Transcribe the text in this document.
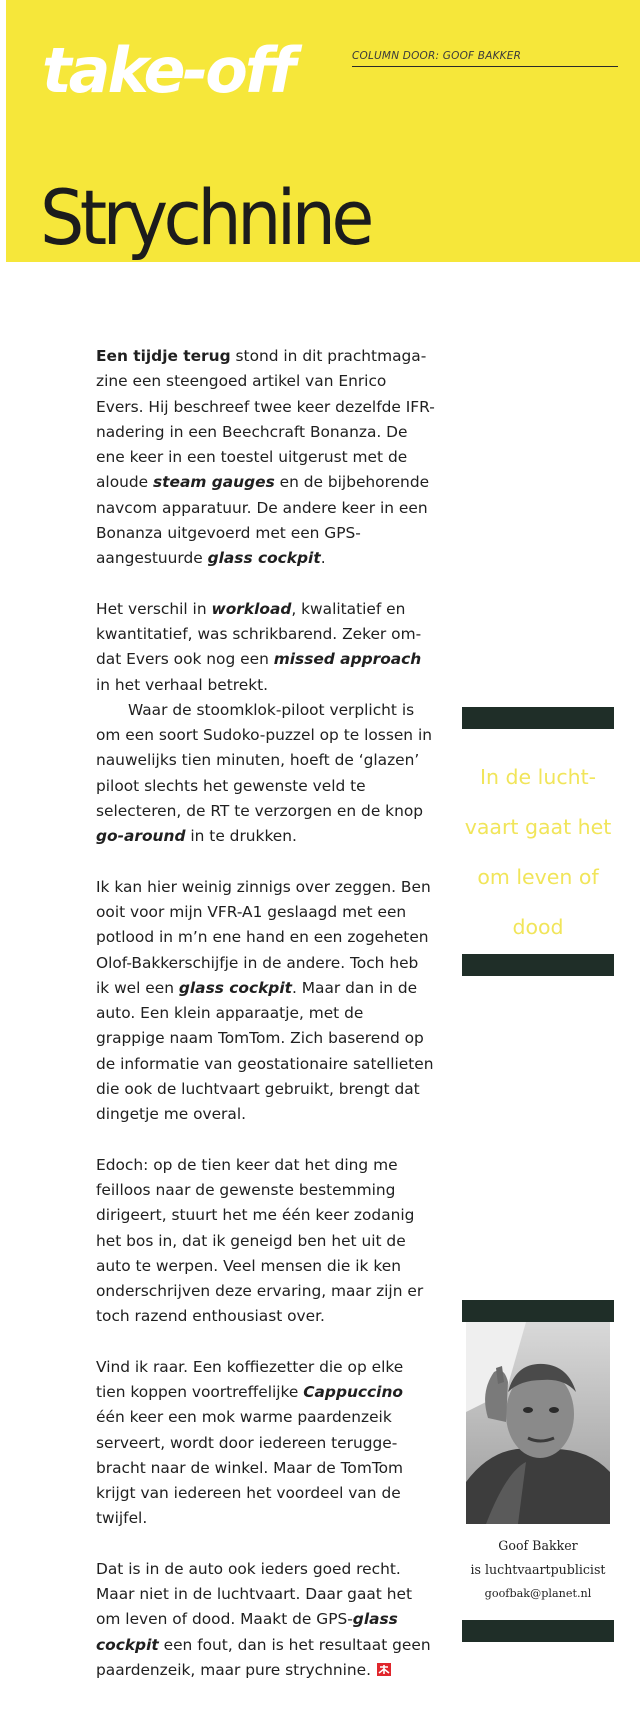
take-off	COLUMN DOOR: GOOF BAKKER
Strychnine

Een tijdje terug stond in dit prachtmagazine een steengoed artikel van Enrico Evers. Hij beschreef twee keer dezelfde IFR-nadering in een Beechcraft Bonanza. De ene keer in een toestel uitgerust met de aloude steam gauges en de bijbehorende navcom apparatuur. De andere keer in een Bonanza uitgevoerd met een GPS-aangestuurde glass cockpit.

Het verschil in workload, kwalitatief en kwantitatief, was schrikbarend. Zeker omdat Evers ook nog een missed approach in het verhaal betrekt.

Waar de stoomklok-piloot verplicht is om een soort Sudoko-puzzel op te lossen in nauwelijks tien minuten, hoeft de ‘glazen’ piloot slechts het gewenste veld te selecteren, de RT te verzorgen en de knop go-around in te drukken.

Ik kan hier weinig zinnigs over zeggen. Ben ooit voor mijn VFR-A1 geslaagd met een potlood in m’n ene hand en een zogeheten Olof-Bakkerschijfje in de andere. Toch heb ik wel een glass cockpit. Maar dan in de auto. Een klein apparaatje, met de grappige naam TomTom. Zich baserend op de informatie van geostationaire satellieten die ook de luchtvaart gebruikt, brengt dat dingetje me overal.

Edoch: op de tien keer dat het ding me feilloos naar de gewenste bestemming dirigeert, stuurt het me één keer zodanig het bos in, dat ik geneigd ben het uit de auto te werpen. Veel mensen die ik ken onderschrijven deze ervaring, maar zijn er toch razend enthousiast over.

Vind ik raar. Een koffiezetter die op elke tien koppen voortreffelijke Cappuccino één keer een mok warme paardenzeik serveert, wordt door iedereen teruggebracht naar de winkel. Maar de TomTom krijgt van iedereen het voordeel van de twijfel.

Dat is in de auto ook ieders goed recht. Maar niet in de luchtvaart. Daar gaat het om leven of dood. Maakt de GPS-glass cockpit een fout, dan is het resultaat geen paardenzeik, maar pure strychnine.

In de lucht-
vaart gaat het
om leven of
dood
Goof Bakker
is luchtvaartpublicist
goofbak@planet.nl
